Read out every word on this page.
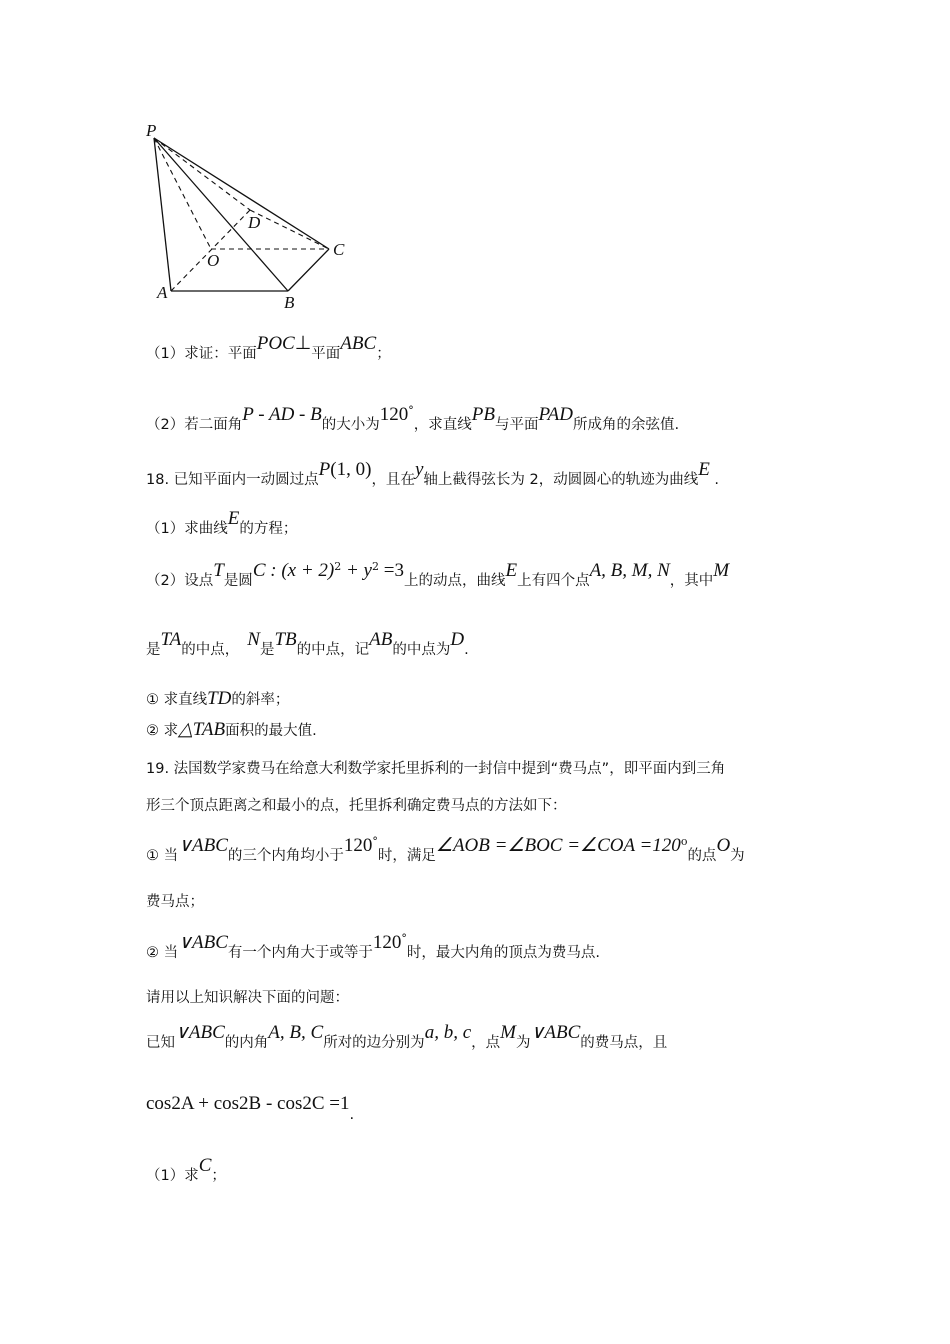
P
D
C
O
A
B
（1）求证：平面POC⊥平面ABC；
（2）若二面角P - AD - B的大小为120°，求直线PB与平面PAD所成角的余弦值.
18. 已知平面内一动圆过点P(1, 0)，且在y轴上截得弦长为 2，动圆圆心的轨迹为曲线E .
（1）求曲线E的方程；
（2）设点T是圆C : $(x + 2)^2 + y^2 =3$上的动点，曲线E上有四个点A, B, M, N，其中M
是TA的中点， N是TB的中点，记AB的中点为D.
① 求直线TD的斜率；
② 求△TAB面积的最大值.
19. 法国数学家费马在给意大利数学家托里拆利的一封信中提到“费马点”，即平面内到三角
形三个顶点距离之和最小的点，托里拆利确定费马点的方法如下：
① 当∨ABC的三个内角均小于120°时，满足∠AOB =∠BOC =∠COA $=120^o$的点O为
费马点；
② 当∨ABC有一个内角大于或等于120°时，最大内角的顶点为费马点.
请用以上知识解决下面的问题：
已知∨ABC的内角A, B, C所对的边分别为a, b, c，点M为∨ABC的费马点，且
cos2A + cos2B - cos2C =1.
（1）求C；
